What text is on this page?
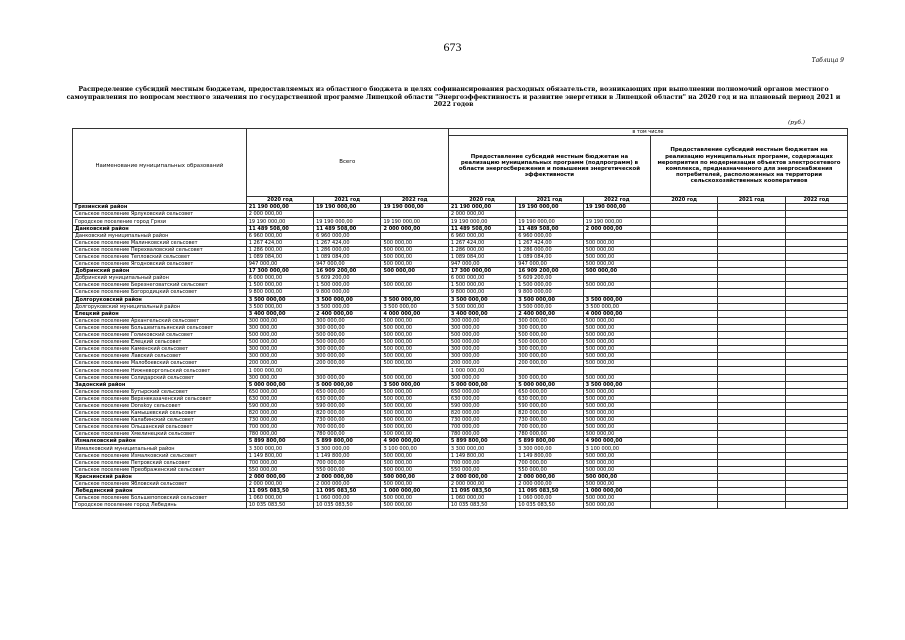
673
Таблица 9
Распределение субсидий местным бюджетам, предоставляемых из областного бюджета в целях софинансирования расходных обязательств, возникающих при выполнении полномочий органов местного самоуправления по вопросам местного значения по государственной программе Липецкой области "Энергоэффективность и развитие энергетики в Липецкой области" на 2020 год и на плановый период 2021 и 2022 годов
(руб.)
Наименование муниципальных образований	Всего			в том числе					
				Предоставление субсидий местным бюджетам на реализацию муниципальных программ (подпрограмм) в области энергосбережения и повышения энергетической эффективности			Предоставление субсидий местным бюджетам на реализацию муниципальных программ, содержащих мероприятия по модернизации объектов электросетевого комплекса, предназначенного для энергоснабжения потребителей, расположенных на территории сельскохозяйственных кооперативов		

	2020 год	2021 год	2022 год	2020 год	2021 год	2022 год	2020 год	2021 год	2022 год
Грязинский район	21 190 000,00	19 190 000,00	19 190 000,00	21 190 000,00	19 190 000,00	19 190 000,00			
Сельское поселение Ярлуковский сельсовет	2 000 000,00			2 000 000,00					
Городское поселение город Грязи	19 190 000,00	19 190 000,00	19 190 000,00	19 190 000,00	19 190 000,00	19 190 000,00			
Данковский район	11 489 508,00	11 489 508,00	2 000 000,00	11 489 508,00	11 489 508,00	2 000 000,00			
Данковский муниципальный район	6 960 000,00	6 960 000,00		6 960 000,00	6 960 000,00				
Сельское поселение Малинковский сельсовет	1 267 424,00	1 267 424,00	500 000,00	1 267 424,00	1 267 424,00	500 000,00			
Сельское поселение Перехваловский сельсовет	1 286 000,00	1 286 000,00	500 000,00	1 286 000,00	1 286 000,00	500 000,00			
Сельское поселение Тепловский сельсовет	1 089 084,00	1 089 084,00	500 000,00	1 089 084,00	1 089 084,00	500 000,00			
Сельское поселение Ягодновский сельсовет	947 000,00	947 000,00	500 000,00	947 000,00	947 000,00	500 000,00			
Добринский район	17 300 000,00	16 909 200,00	500 000,00	17 300 000,00	16 909 200,00	500 000,00			
Добринский муниципальный район	6 000 000,00	5 609 200,00		6 000 000,00	5 609 200,00				
Сельское поселение Березнеговатский сельсовет	1 500 000,00	1 500 000,00	500 000,00	1 500 000,00	1 500 000,00	500 000,00			
Сельское поселение Богородицкий сельсовет	9 800 000,00	9 800 000,00		9 800 000,00	9 800 000,00				
Долгоруковский район	3 500 000,00	3 500 000,00	3 500 000,00	3 500 000,00	3 500 000,00	3 500 000,00			
Долгоруковский муниципальный район	3 500 000,00	3 500 000,00	3 500 000,00	3 500 000,00	3 500 000,00	3 500 000,00			
Елецкий район	3 400 000,00	2 400 000,00	4 000 000,00	3 400 000,00	2 400 000,00	4 000 000,00			
Сельское поселение Архангельский сельсовет	300 000,00	300 000,00	500 000,00	300 000,00	300 000,00	500 000,00			
Сельское поселение Большеитальянский сельсовет	300 000,00	300 000,00	500 000,00	300 000,00	300 000,00	500 000,00			
Сельское поселение Голиковский сельсовет	500 000,00	500 000,00	500 000,00	500 000,00	500 000,00	500 000,00			
Сельское поселение Елецкий сельсовет	500 000,00	500 000,00	500 000,00	500 000,00	500 000,00	500 000,00			
Сельское поселение Каменский сельсовет	300 000,00	300 000,00	500 000,00	300 000,00	300 000,00	500 000,00			
Сельское поселение Лавский сельсовет	300 000,00	300 000,00	500 000,00	300 000,00	300 000,00	500 000,00			
Сельское поселение Малобоевский сельсовет	200 000,00	200 000,00	500 000,00	200 000,00	200 000,00	500 000,00			
Сельское поселение Нижневоргольский сельсовет	1 000 000,00			1 000 000,00					
Сельское поселение Солидарский сельсовет	300 000,00	300 000,00	500 000,00	300 000,00	300 000,00	500 000,00			
Задонский район	5 000 000,00	5 000 000,00	3 500 000,00	5 000 000,00	5 000 000,00	3 500 000,00			
Сельское поселение Бутырский сельсовет	650 000,00	650 000,00	500 000,00	650 000,00	650 000,00	500 000,00			
Сельское поселение Верхнеказаченский сельсовет	630 000,00	630 000,00	500 000,00	630 000,00	630 000,00	500 000,00			
Сельское поселение Donskoy сельсовет	590 000,00	590 000,00	500 000,00	590 000,00	590 000,00	500 000,00			
Сельское поселение Камышевский сельсовет	820 000,00	820 000,00	500 000,00	820 000,00	820 000,00	500 000,00			
Сельское поселение Калабинский сельсовет	730 000,00	730 000,00	500 000,00	730 000,00	730 000,00	500 000,00			
Сельское поселение Ольшанский сельсовет	700 000,00	700 000,00	500 000,00	700 000,00	700 000,00	500 000,00			
Сельское поселение Хмелинецкий сельсовет	780 000,00	780 000,00	500 000,00	780 000,00	780 000,00	500 000,00			
Измалковский район	5 899 800,00	5 899 800,00	4 900 000,00	5 899 800,00	5 899 800,00	4 900 000,00			
Измалковский муниципальный район	3 300 000,00	3 300 000,00	3 100 000,00	3 300 000,00	3 300 000,00	3 100 000,00			
Сельское поселение Измалковский сельсовет	1 149 800,00	1 149 800,00	500 000,00	1 149 800,00	1 149 800,00	500 000,00			
Сельское поселение Петровский сельсовет	700 000,00	700 000,00	500 000,00	700 000,00	700 000,00	500 000,00			
Сельское поселение Преображенский сельсовет	550 000,00	550 000,00	500 000,00	550 000,00	550 000,00	500 000,00			
Краснинский район	2 000 000,00	2 000 000,00	500 000,00	2 000 000,00	2 000 000,00	500 000,00			
Сельское поселение Ябловский сельсовет	2 000 000,00	2 000 000,00	500 000,00	2 000 000,00	2 000 000,00	500 000,00			
Лебедянский район	11 095 083,50	11 095 083,50	1 000 000,00	11 095 083,50	11 095 083,50	1 000 000,00			
Сельское поселение Большепоповский сельсовет	1 060 000,00	1 060 000,00	500 000,00	1 060 000,00	1 060 000,00	500 000,00			
Городское поселение город Лебедянь	10 035 083,50	10 035 083,50	500 000,00	10 035 083,50	10 035 083,50	500 000,00			
